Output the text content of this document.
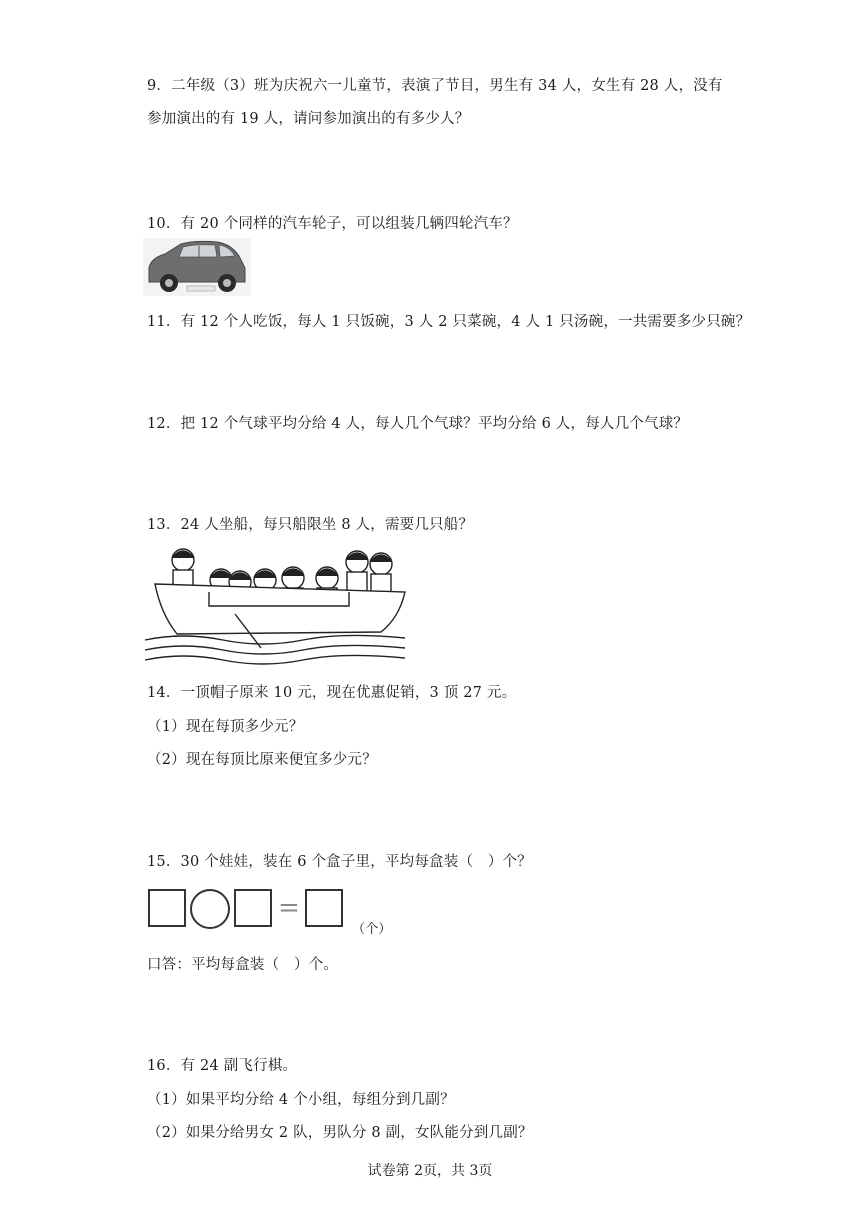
9．二年级（3）班为庆祝六一儿童节，表演了节目，男生有 34 人，女生有 28 人，没有
参加演出的有 19 人，请问参加演出的有多少人？
10．有 20 个同样的汽车轮子，可以组装几辆四轮汽车？
11．有 12 个人吃饭，每人 1 只饭碗，3 人 2 只菜碗，4 人 1 只汤碗，一共需要多少只碗？
12．把 12 个气球平均分给 4 人，每人几个气球？平均分给 6 人，每人几个气球？
13．24 人坐船，每只船限坐 8 人，需要几只船？
14．一顶帽子原来 10 元，现在优惠促销，3 顶 27 元。
（1）现在每顶多少元？
（2）现在每顶比原来便宜多少元？
15．30 个娃娃，装在 6 个盒子里，平均每盒装（　）个？
=
（个）
口答：平均每盒装（　）个。
16．有 24 副飞行棋。
（1）如果平均分给 4 个小组，每组分到几副？
（2）如果分给男女 2 队，男队分 8 副，女队能分到几副？
试卷第 2页，共 3页
